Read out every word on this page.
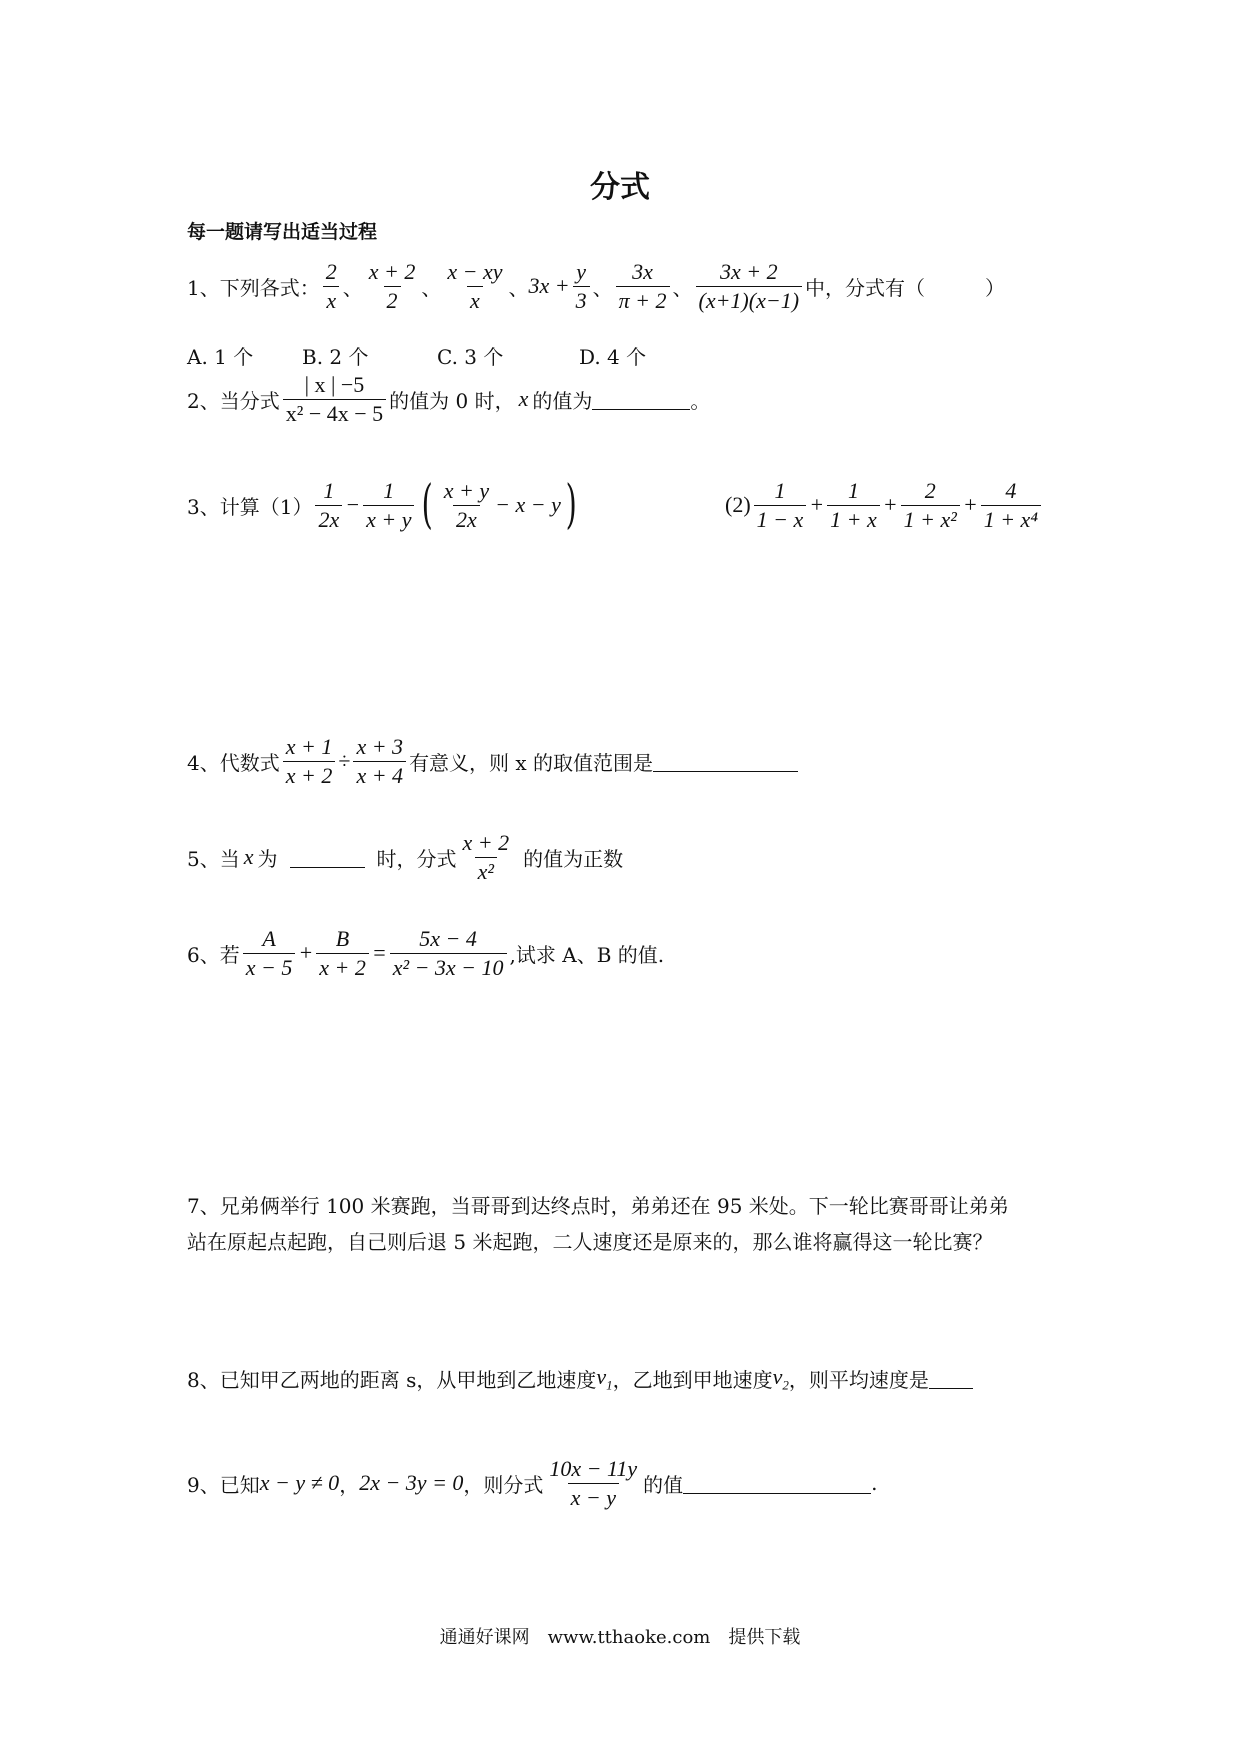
分式
每一题请写出适当过程
1、下列各式： $\frac{2}{x}$ 、 $\frac{x + 2}{2}$ 、 $\frac{x - xy}{x}$ 、 $3x + \frac{y}{3}$ 、 $\frac{3x}{\pi + 2}$ 、 $\frac{3x + 2}{(x+1)(x-1)}$ 中，分式有（　　　）
A. 1 个 B. 2 个	C. 3 个	D. 4 个
2、当分式 $\frac{| x | -5}{\text{x² − 4x − 5}}$ 的值为 0 时， x 的值为	。
3、计算$(1) \frac{1}{2x} - \frac{1}{x + y}$ ( $\frac{x + y}{2x} - x - y$ )	$(2) \frac{1}{1 - x} + \frac{1}{1 + x} + \frac{2}{\text{1 + x²}} + \frac{4}{\text{1 + x⁴}}$
4、代数式 $\frac{x + 1}{x + 2} \div \frac{x + 3}{x + 4}$ 有意义，则 x 的取值范围是
5、当 x 为	时，分式 $\frac{x + 2}{\text{x²}}$ 的值为正数
6、若 $\frac{A}{x - 5} + \frac{B}{x + 2} = \frac{5x - 4}{\text{x² − 3x − 10}}$ ,试求 A、B 的值.
7、兄弟俩举行 100 米赛跑，当哥哥到达终点时，弟弟还在 95 米处。下一轮比赛哥哥让弟弟
站在原起点起跑，自己则后退 5 米起跑，二人速度还是原来的，那么谁将赢得这一轮比赛？
8、已知甲乙两地的距离 s，从甲地到乙地速度 $v_1$ ，乙地到甲地速度 $v_2$ ，则平均速度是
9、已知 x − y ≠ 0 ， 2x − 3y = 0 ，则分式 $\frac{10x - 11y}{x - y}$ 的值	.
通通好课网　www.tthaoke.com　提供下载
